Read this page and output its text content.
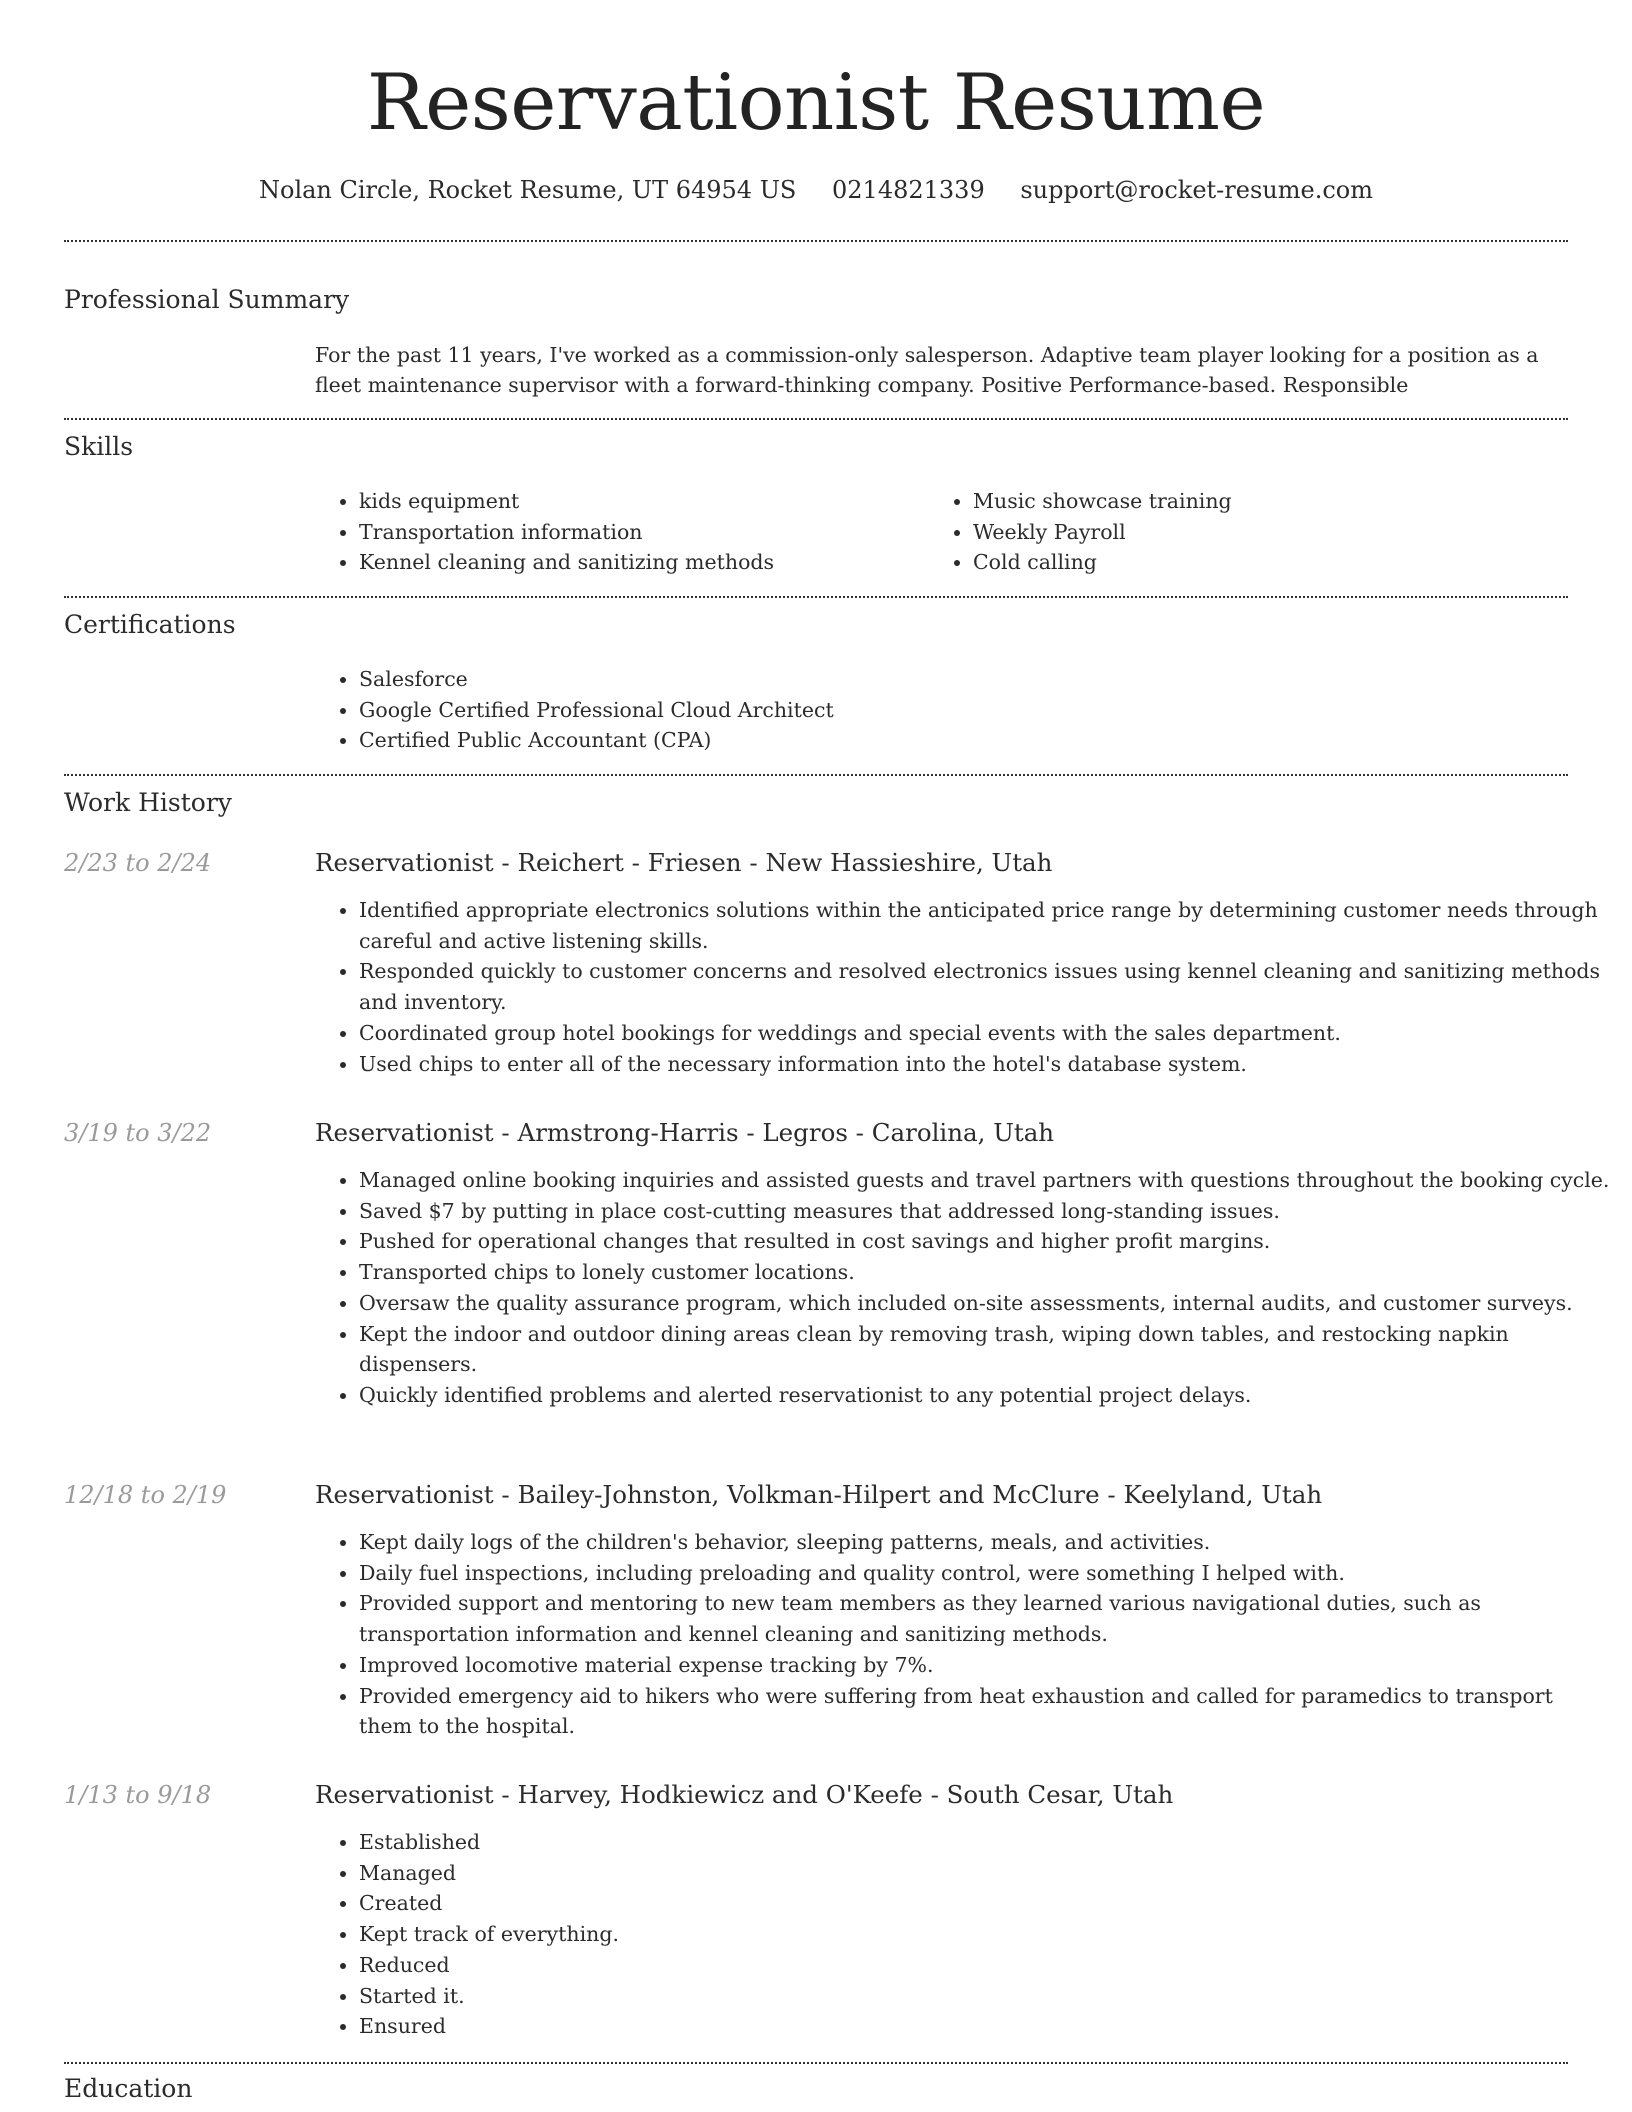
Reservationist Resume
Nolan Circle, Rocket Resume, UT 64954 US 0214821339 support@rocket-resume.com
Professional Summary

For the past 11 years, I've worked as a commission-only salesperson. Adaptive team player looking for a position as a fleet maintenance supervisor with a forward-thinking company. Positive Performance-based. Responsible

Skills
• kids equipment
• Transportation information
• Kennel cleaning and sanitizing methods
• Music showcase training
• Weekly Payroll
• Cold calling
Certifications
• Salesforce
• Google Certified Professional Cloud Architect
• Certified Public Accountant (CPA)
Work History
2/23 to 2/24	Reservationist - Reichert - Friesen - New Hassieshire, Utah
• Identified appropriate electronics solutions within the anticipated price range by determining customer needs through careful and active listening skills.
• Responded quickly to customer concerns and resolved electronics issues using kennel cleaning and sanitizing methods and inventory.
• Coordinated group hotel bookings for weddings and special events with the sales department.
• Used chips to enter all of the necessary information into the hotel's database system.
3/19 to 3/22	Reservationist - Armstrong-Harris - Legros - Carolina, Utah
• Managed online booking inquiries and assisted guests and travel partners with questions throughout the booking cycle.
• Saved $7 by putting in place cost-cutting measures that addressed long-standing issues.
• Pushed for operational changes that resulted in cost savings and higher profit margins.
• Transported chips to lonely customer locations.
• Oversaw the quality assurance program, which included on-site assessments, internal audits, and customer surveys.
• Kept the indoor and outdoor dining areas clean by removing trash, wiping down tables, and restocking napkin dispensers.
• Quickly identified problems and alerted reservationist to any potential project delays.
12/18 to 2/19	Reservationist - Bailey-Johnston, Volkman-Hilpert and McClure - Keelyland, Utah
• Kept daily logs of the children's behavior, sleeping patterns, meals, and activities.
• Daily fuel inspections, including preloading and quality control, were something I helped with.
• Provided support and mentoring to new team members as they learned various navigational duties, such as transportation information and kennel cleaning and sanitizing methods.
• Improved locomotive material expense tracking by 7%.
• Provided emergency aid to hikers who were suffering from heat exhaustion and called for paramedics to transport them to the hospital.
1/13 to 9/18	Reservationist - Harvey, Hodkiewicz and O'Keefe - South Cesar, Utah
• Established
• Managed
• Created
• Kept track of everything.
• Reduced
• Started it.
• Ensured
Education
